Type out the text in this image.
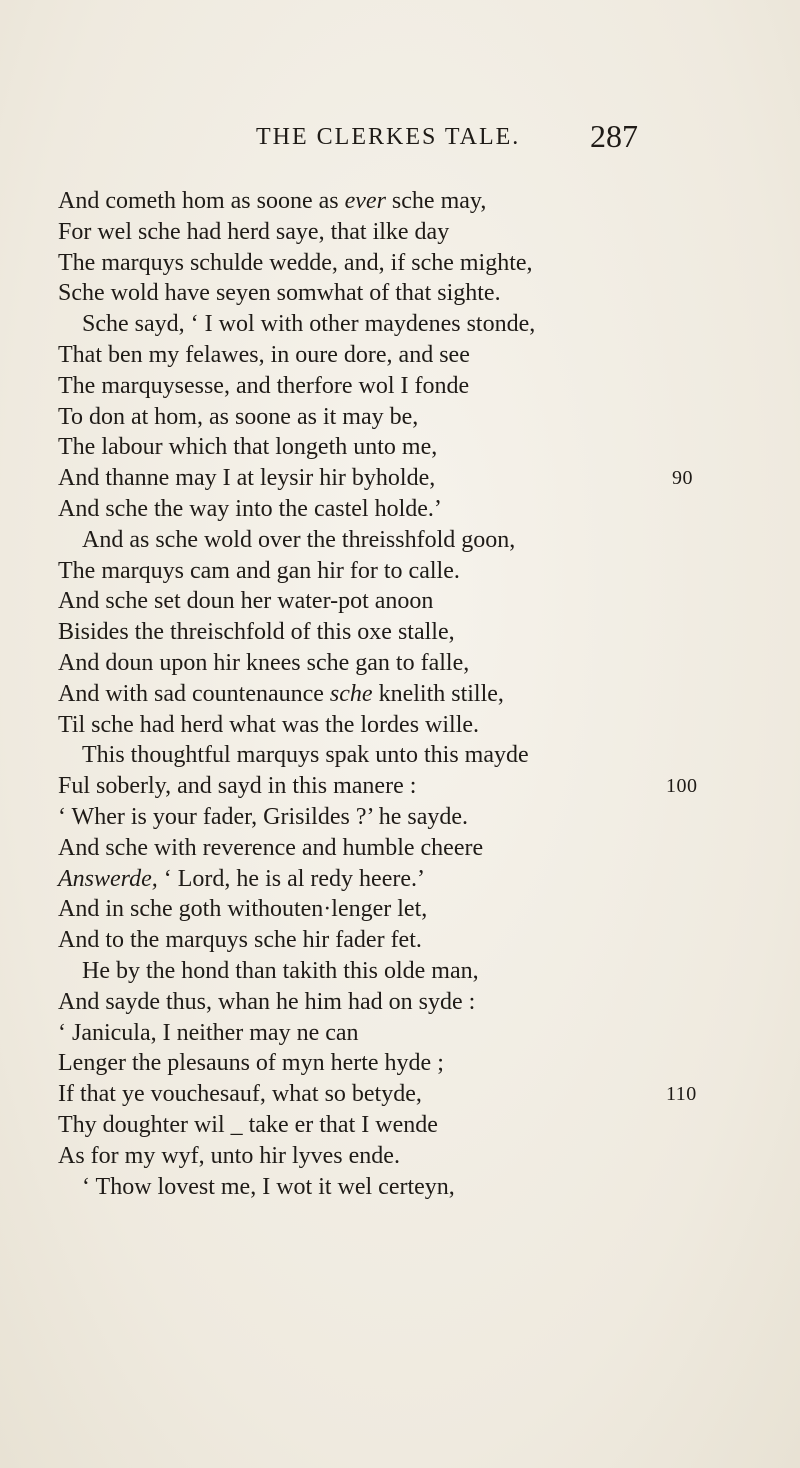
THE CLERKES TALE. 287
And cometh hom as soone as ever sche may,
For wel sche had herd saye, that ilke day
The marquys schulde wedde, and, if sche mighte,
Sche wold have seyen somwhat of that sighte.
Sche sayd, ‘ I wol with other maydenes stonde,
That ben my felawes, in oure dore, and see
The marquysesse, and therfore wol I fonde
To don at hom, as soone as it may be,
The labour which that longeth unto me,
And thanne may I at leysir hir byholde,	90
And sche the way into the castel holde.’
And as sche wold over the threisshfold goon,
The marquys cam and gan hir for to calle.
And sche set doun her water-pot anoon
Bisides the threischfold of this oxe stalle,
And doun upon hir knees sche gan to falle,
And with sad countenaunce sche knelith stille,
Til sche had herd what was the lordes wille.
This thoughtful marquys spak unto this mayde
Ful soberly, and sayd in this manere :	100
‘ Wher is your fader, Grisildes ?’ he sayde.
And sche with reverence and humble cheere
Answerde, ‘ Lord, he is al redy heere.’
And in sche goth withouten·lenger let,
And to the marquys sche hir fader fet.
He by the hond than takith this olde man,
And sayde thus, whan he him had on syde :
‘ Janicula, I neither may ne can
Lenger the plesauns of myn herte hyde ;
If that ye vouchesauf, what so betyde,	110
Thy doughter wil _ take er that I wende
As for my wyf, unto hir lyves ende.
‘ Thow lovest me, I wot it wel certeyn,
